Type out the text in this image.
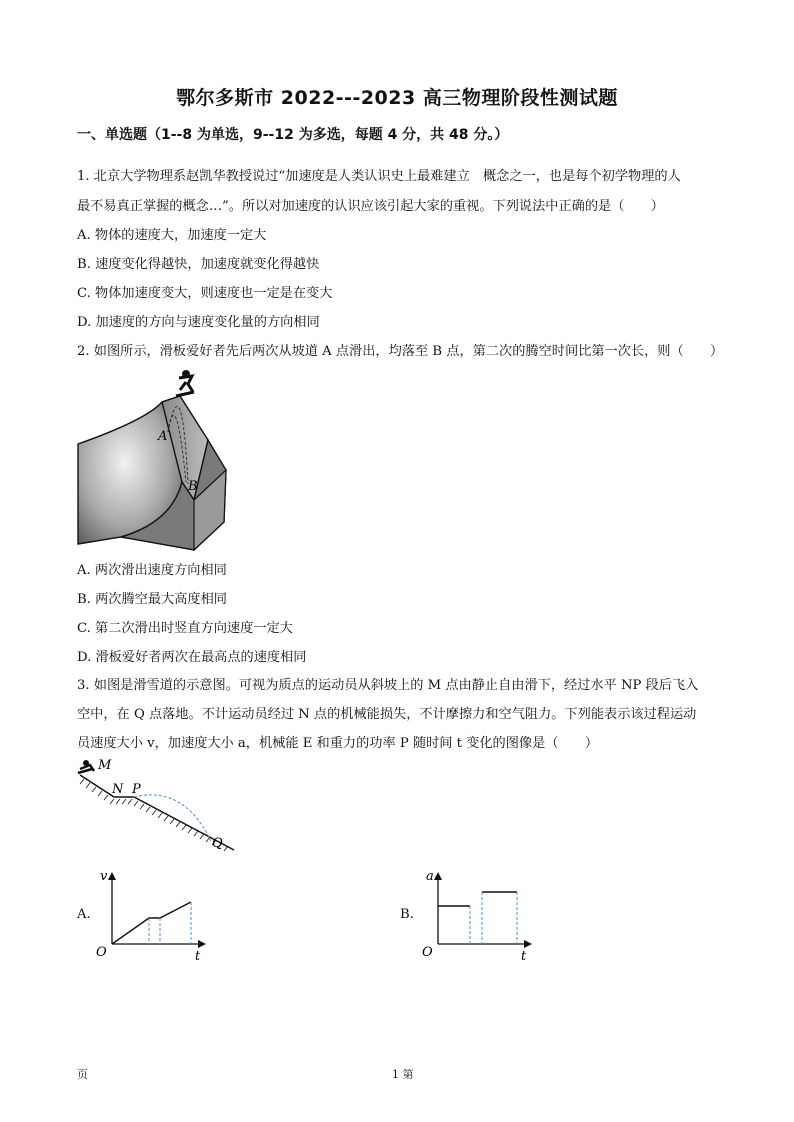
鄂尔多斯市 2022---2023 高三物理阶段性测试题
一、单选题（1--8 为单选，9--12 为多选，每题 4 分，共 48 分。）
1. 北京大学物理系赵凯华教授说过“加速度是人类认识史上最难建立　概念之一，也是每个初学物理的人
最不易真正掌握的概念…”。所以对加速度的认识应该引起大家的重视。下列说法中正确的是（　　）
A. 物体的速度大，加速度一定大
B. 速度变化得越快，加速度就变化得越快
C. 物体加速度变大，则速度也一定是在变大
D. 加速度的方向与速度变化量的方向相同
2. 如图所示，滑板爱好者先后两次从坡道 A 点滑出，均落至 B 点，第二次的腾空时间比第一次长，则（　　）
A
B
A. 两次滑出速度方向相同
B. 两次腾空最大高度相同
C. 第二次滑出时竖直方向速度一定大
D. 滑板爱好者两次在最高点的速度相同
3. 如图是滑雪道的示意图。可视为质点的运动员从斜坡上的 M 点由静止自由滑下，经过水平 NP 段后飞入
空中，在 Q 点落地。不计运动员经过 N 点的机械能损失，不计摩擦力和空气阻力。下列能表示该过程运动
员速度大小 v，加速度大小 a，机械能 E 和重力的功率 P 随时间 t 变化的图像是（　　）
M
N P
Q
A.
v
O	t
B.
a
O	t
页	1 第
